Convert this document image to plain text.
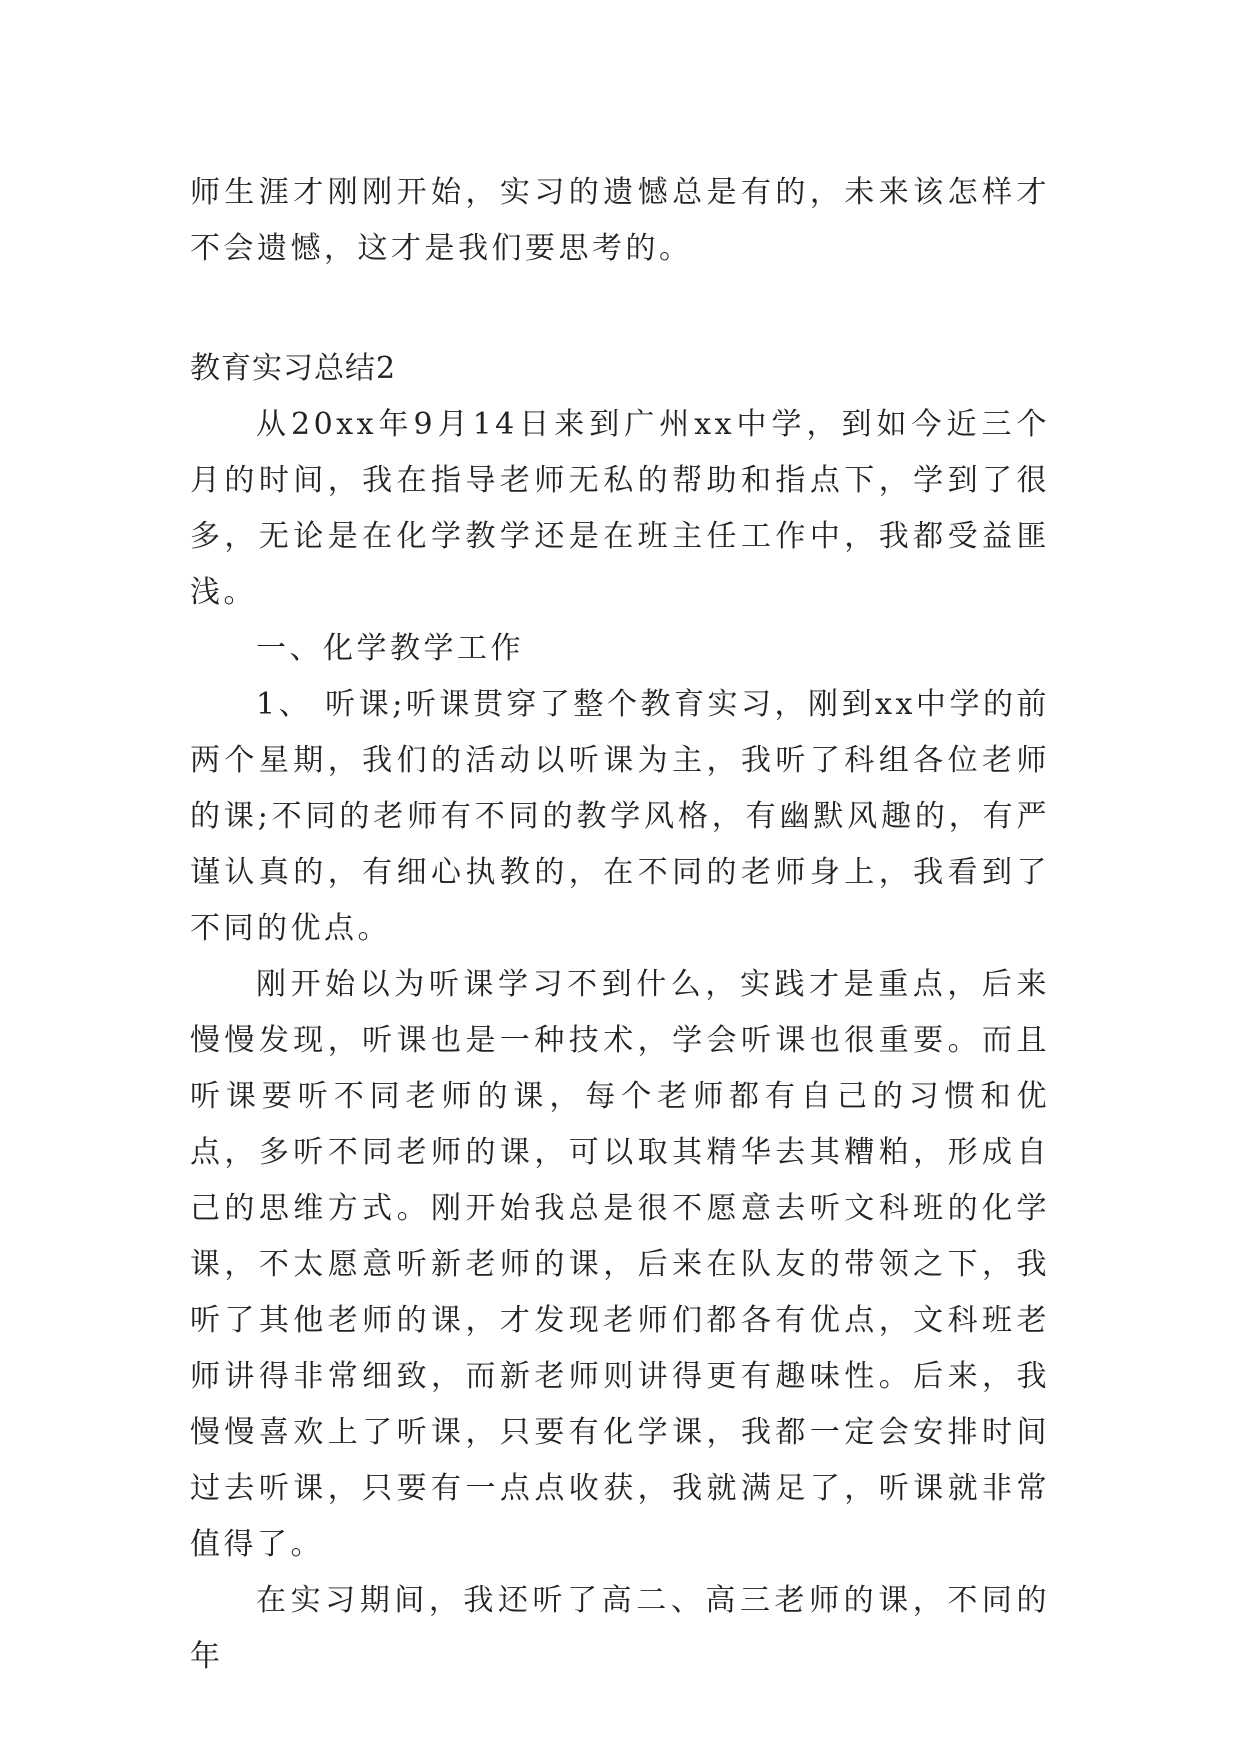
师生涯才刚刚开始，实习的遗憾总是有的，未来该怎样才不会遗憾，这才是我们要思考的。

教育实习总结2

从20xx年9月14日来到广州xx中学，到如今近三个月的时间，我在指导老师无私的帮助和指点下，学到了很多，无论是在化学教学还是在班主任工作中，我都受益匪浅。

一、化学教学工作

1、 听课;听课贯穿了整个教育实习，刚到xx中学的前两个星期，我们的活动以听课为主，我听了科组各位老师的课;不同的老师有不同的教学风格，有幽默风趣的，有严谨认真的，有细心执教的，在不同的老师身上，我看到了不同的优点。

刚开始以为听课学习不到什么，实践才是重点，后来慢慢发现，听课也是一种技术，学会听课也很重要。而且听课要听不同老师的课，每个老师都有自己的习惯和优点，多听不同老师的课，可以取其精华去其糟粕，形成自己的思维方式。刚开始我总是很不愿意去听文科班的化学课，不太愿意听新老师的课，后来在队友的带领之下，我听了其他老师的课，才发现老师们都各有优点，文科班老师讲得非常细致，而新老师则讲得更有趣味性。后来，我慢慢喜欢上了听课，只要有化学课，我都一定会安排时间过去听课，只要有一点点收获，我就满足了，听课就非常值得了。

在实习期间，我还听了高二、高三老师的课，不同的年
